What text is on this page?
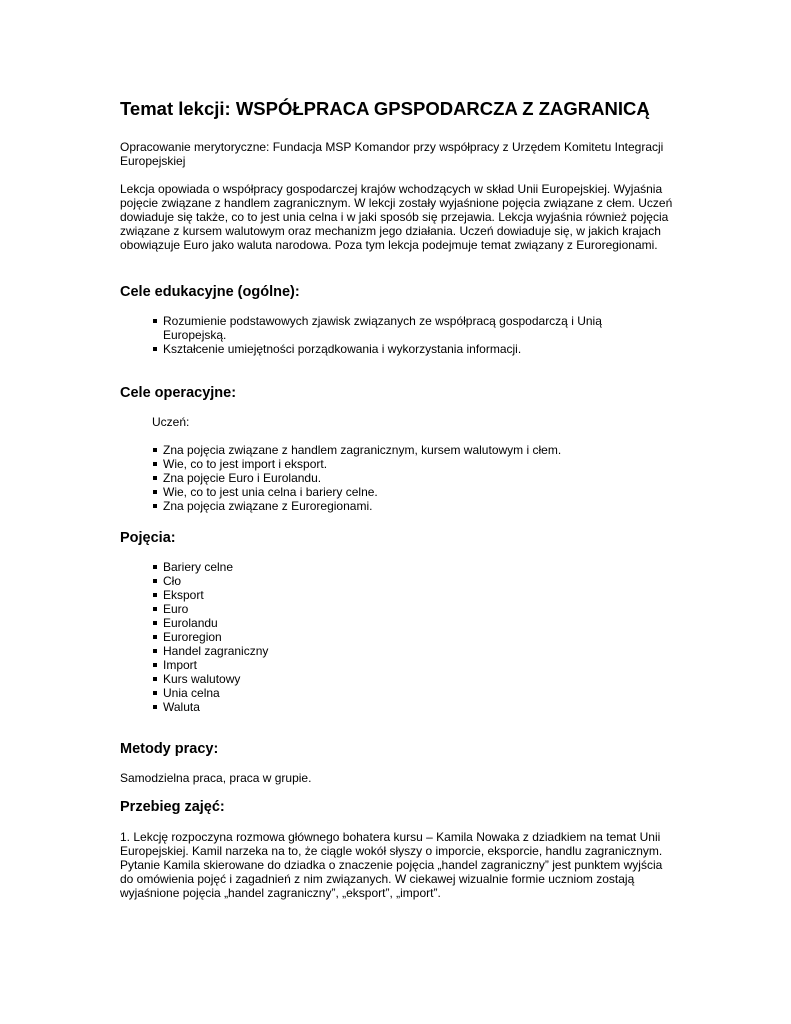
Temat lekcji: WSPÓŁPRACA GPSPODARCZA Z ZAGRANICĄ

Opracowanie merytoryczne: Fundacja MSP Komandor przy współpracy z Urzędem Komitetu Integracji Europejskiej

Lekcja opowiada o współpracy gospodarczej krajów wchodzących w skład Unii Europejskiej. Wyjaśnia pojęcie związane z handlem zagranicznym. W lekcji zostały wyjaśnione pojęcia związane z cłem. Uczeń dowiaduje się także, co to jest unia celna i w jaki sposób się przejawia. Lekcja wyjaśnia również pojęcia związane z kursem walutowym oraz mechanizm jego działania. Uczeń dowiaduje się, w jakich krajach obowiązuje Euro jako waluta narodowa. Poza tym lekcja podejmuje temat związany z Euroregionami.

Cele edukacyjne (ogólne):
Rozumienie podstawowych zjawisk związanych ze współpracą gospodarczą i Unią Europejską.
Kształcenie umiejętności porządkowania i wykorzystania informacji.
Cele operacyjne:

Uczeń:

Zna pojęcia związane z handlem zagranicznym, kursem walutowym i cłem.
Wie, co to jest import i eksport.
Zna pojęcie Euro i Eurolandu.
Wie, co to jest unia celna i bariery celne.
Zna pojęcia związane z Euroregionami.
Pojęcia:
Bariery celne
Cło
Eksport
Euro
Eurolandu
Euroregion
Handel zagraniczny
Import
Kurs walutowy
Unia celna
Waluta
Metody pracy:

Samodzielna praca, praca w grupie.

Przebieg zajęć:

1. Lekcję rozpoczyna rozmowa głównego bohatera kursu – Kamila Nowaka z dziadkiem na temat Unii Europejskiej. Kamil narzeka na to, że ciągle wokół słyszy o imporcie, eksporcie, handlu zagranicznym. Pytanie Kamila skierowane do dziadka o znaczenie pojęcia „handel zagraniczny” jest punktem wyjścia do omówienia pojęć i zagadnień z nim związanych. W ciekawej wizualnie formie uczniom zostają wyjaśnione pojęcia „handel zagraniczny”, „eksport”, „import”.
